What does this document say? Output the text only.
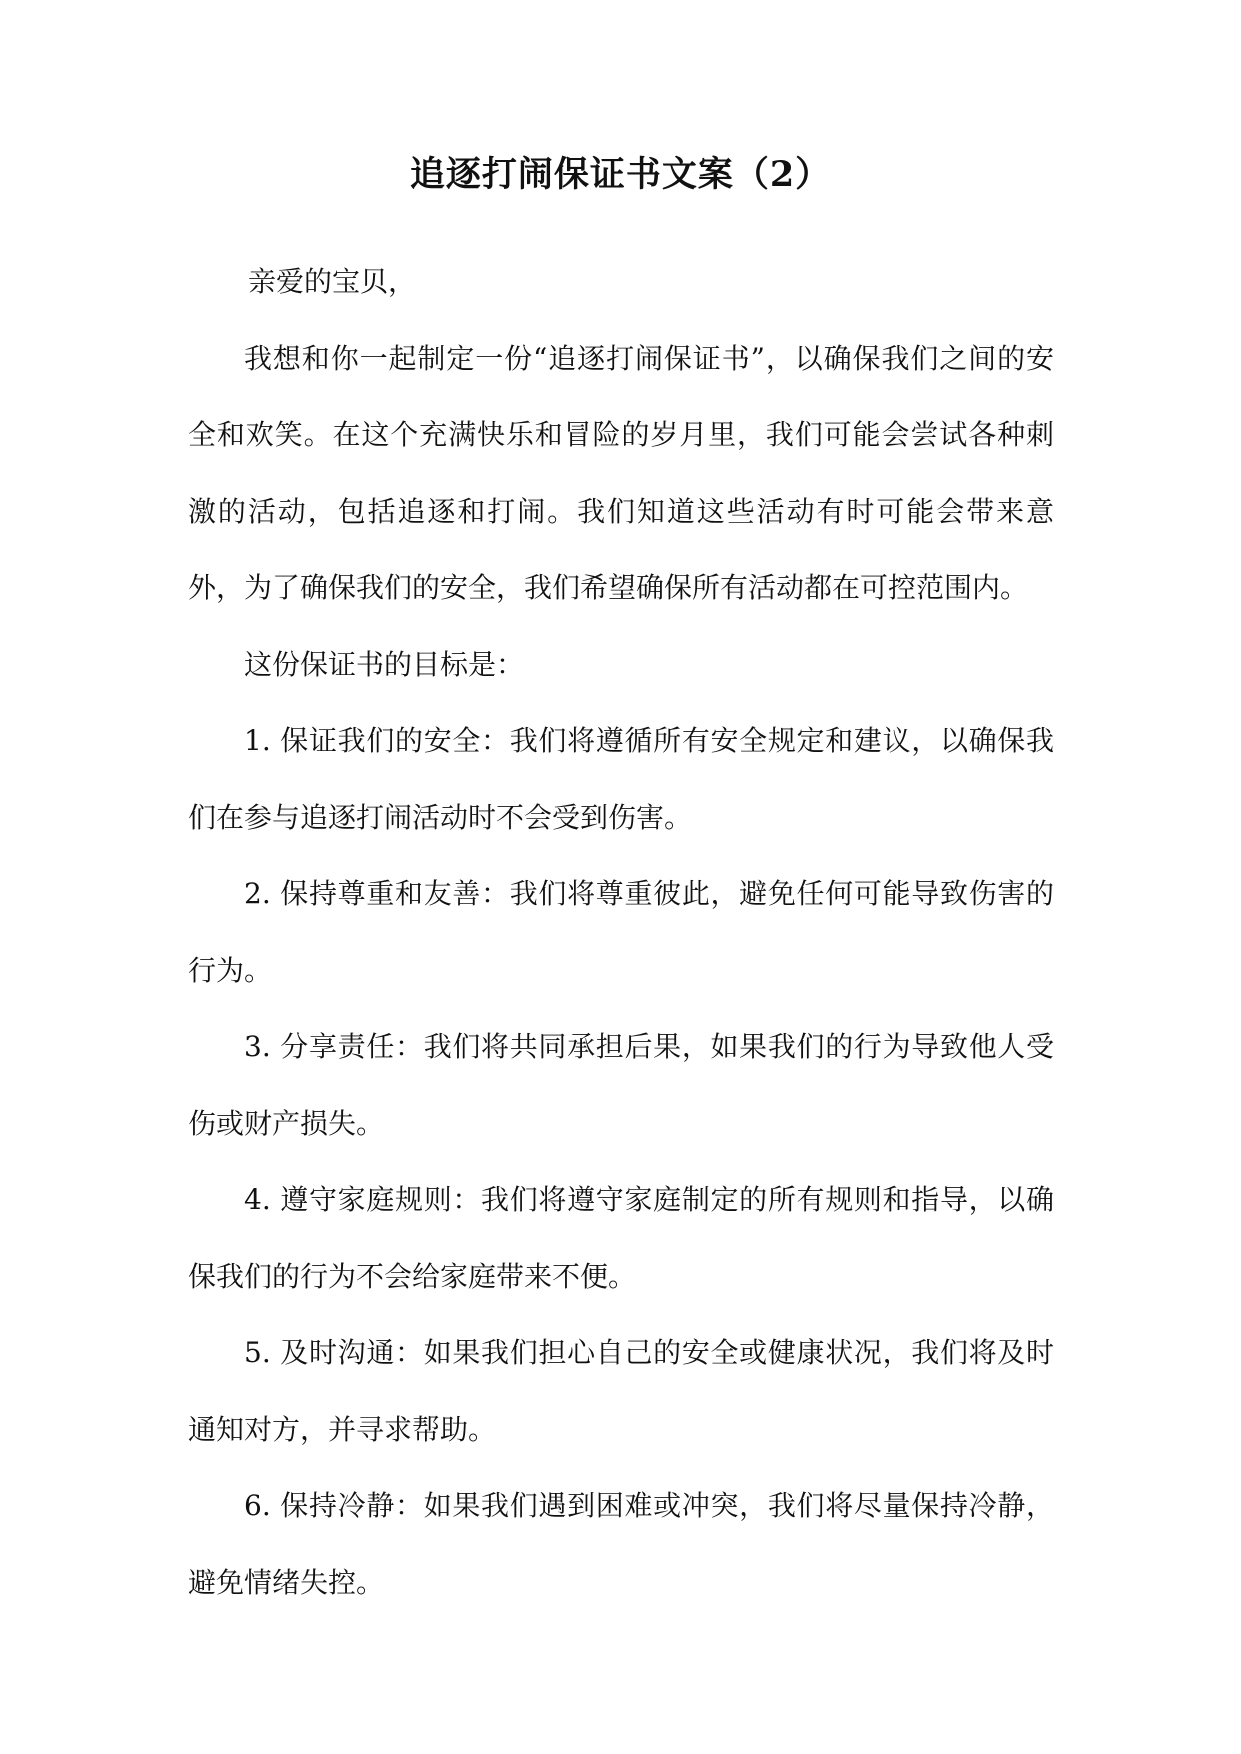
追逐打闹保证书文案（2）

亲爱的宝贝，

我想和你一起制定一份“追逐打闹保证书”，以确保我们之间的安全和欢笑。在这个充满快乐和冒险的岁月里，我们可能会尝试各种刺激的活动，包括追逐和打闹。我们知道这些活动有时可能会带来意外，为了确保我们的安全，我们希望确保所有活动都在可控范围内。

这份保证书的目标是：

1. 保证我们的安全：我们将遵循所有安全规定和建议，以确保我们在参与追逐打闹活动时不会受到伤害。

2. 保持尊重和友善：我们将尊重彼此，避免任何可能导致伤害的行为。

3. 分享责任：我们将共同承担后果，如果我们的行为导致他人受伤或财产损失。

4. 遵守家庭规则：我们将遵守家庭制定的所有规则和指导，以确保我们的行为不会给家庭带来不便。

5. 及时沟通：如果我们担心自己的安全或健康状况，我们将及时通知对方，并寻求帮助。

6. 保持冷静：如果我们遇到困难或冲突，我们将尽量保持冷静，避免情绪失控。
